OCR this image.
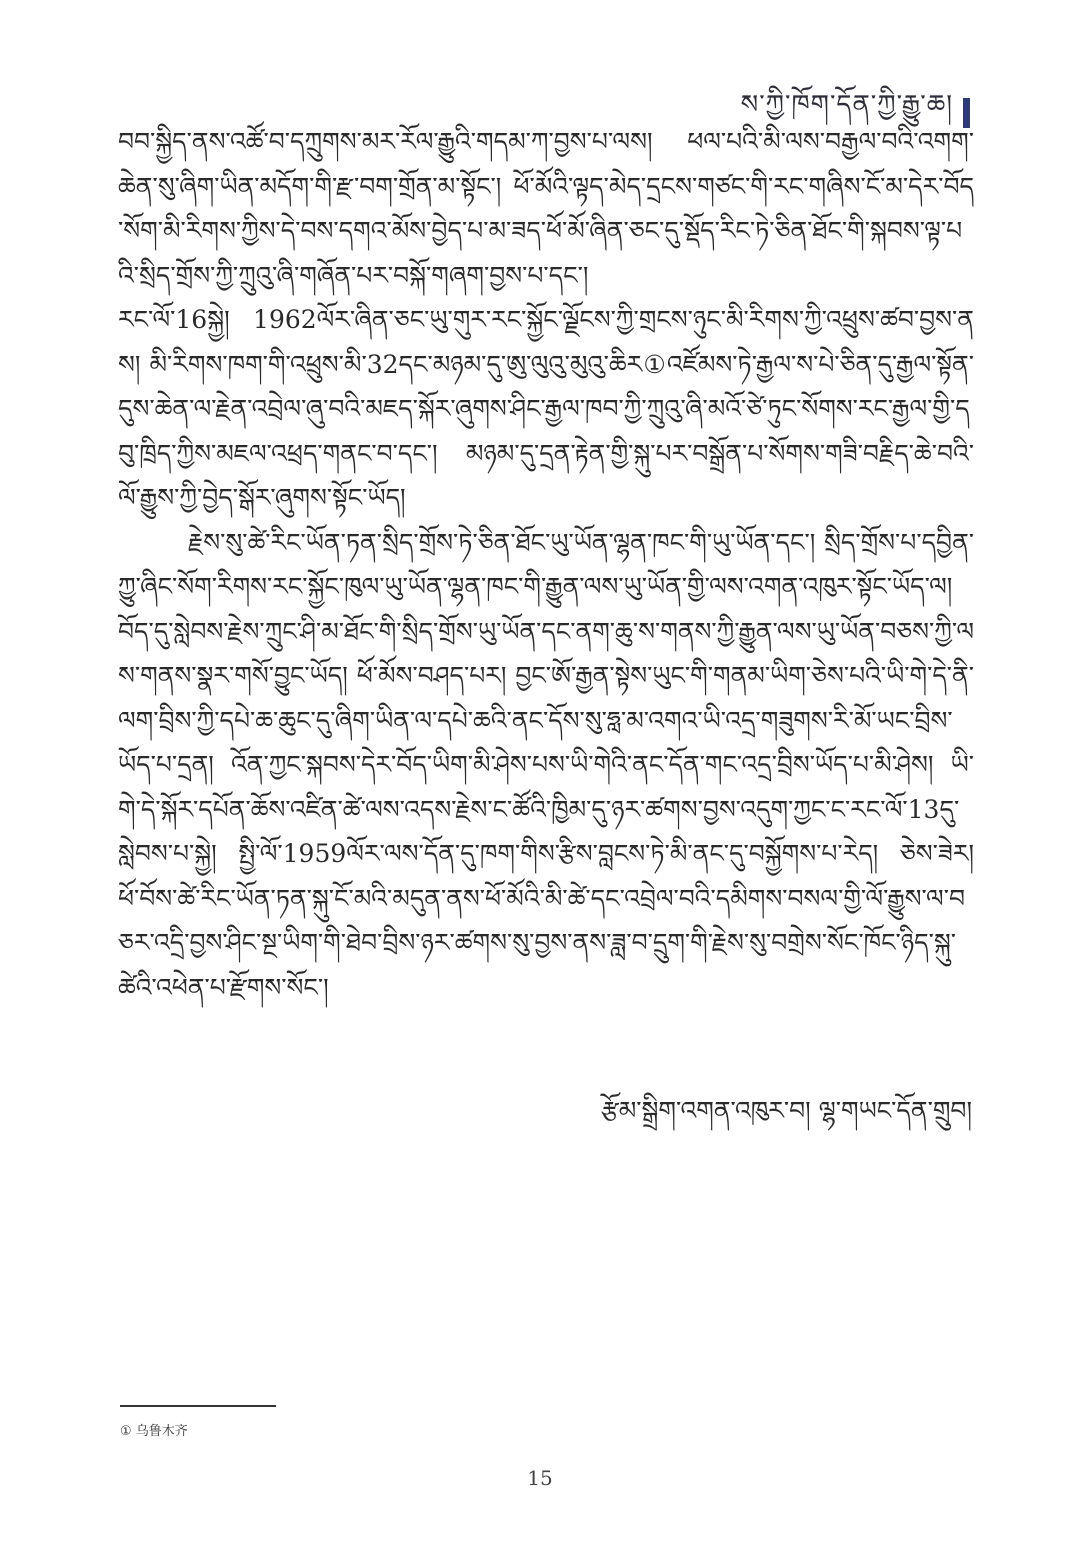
ས་ཀྱི་ཁོག་དོན་ཀྱི་རྒྱུ་ཆ།

བབ་སྐྱིད་ནས་འཚོ་བ་དཀྲུགས་མར་རོལ་རྒྱུའི་གདམ་ཀ་བྱས་པ་ལས། ཕལ་པའི་མི་ལས་བརྒྱལ་བའི་འགག་ཆེན་སུ་ཞིག་ཡིན་མདོག་གི་རྫ་བག་གྲོན་མ་སྟོང་། ཕོ་མོའི་ལྟད་མེད་དྲངས་གཙང་གི་རང་གཞིས་ངོ་མ་དེར་བོད་སོག་མི་རིགས་ཀྱིས་དེ་བས་དགའ་མོས་བྱེད་པ་མ་ཟད་ཕོ་མོ་ཞིན་ཅང་དུ་སྡོད་རིང་ཏེ་ཅིན་ཐོང་གི་སྐབས་ལྟ་པའི་སྲིད་གྲོས་ཀྱི་ཀྲུའུ་ཞི་གཞོན་པར་བསྐོ་གཞག་བྱས་པ་དང་།

རང་ལོ་16སྐྱེ། 1962ལོར་ཞིན་ཅང་ཡུ་གུར་རང་སྐྱོང་ལྗོངས་ཀྱི་གྲངས་ཉུང་མི་རིགས་ཀྱི་འཕྲུས་ཚབ་བྱས་ནས། མི་རིགས་ཁག་གི་འཕྲུས་མི་32དང་མཉམ་དུ་ཨུ་ལུའུ་མུའུ་ཆིར①འཛོམས་ཏེ་རྒྱལ་ས་པེ་ཅིན་དུ་རྒྱལ་སྟོན་དུས་ཆེན་ལ་རྗེན་འབྲེལ་ཞུ་བའི་མཇད་སྐོར་ཞུགས་ཤིང་རྒྱལ་ཁབ་ཀྱི་ཀྲུའུ་ཞི་མའོ་ཙེ་ཏུང་སོགས་རང་རྒྱལ་གྱི་དབུ་ཁྲིད་ཀྱིས་མཇལ་འཕྲད་གནང་བ་དང་། མཉམ་དུ་དྲན་རྟེན་གྱི་སྐུ་པར་བསྒྲོན་པ་སོགས་གཟི་བརྗིད་ཆེ་བའི་ལོ་རྒྱུས་ཀྱི་བྱེད་སྒོར་ཞུགས་སྟོང་ཡོད།

རྗེས་སུ་ཚེ་རིང་ཡོན་ཏན་སྲིད་གྲོས་ཏེ་ཅིན་ཐོང་ཡུ་ཡོན་ལྷན་ཁང་གི་ཡུ་ཡོན་དང་། སྲིད་གྲོས་པ་དབྱིན་ཀྱུ་ཞིང་སོག་རིགས་རང་སྐྱོང་ཁུལ་ཡུ་ཡོན་ལྷན་ཁང་གི་རྒྱུན་ལས་ཡུ་ཡོན་གྱི་ལས་འགན་འཁུར་སྟོང་ཡོད་ལ། བོད་དུ་སླེབས་རྗེས་ཀྲུང་ཤི་མ་ཐོང་གི་སྲིད་གྲོས་ཡུ་ཡོན་དང་ནག་ཆུ་ས་གནས་ཀྱི་རྒྱུན་ལས་ཡུ་ཡོན་བཅས་ཀྱི་ལས་གནས་སྣར་གསོ་བྱུང་ཡོད། ཕོ་མོས་བཤད་པར། བྱང་ཨོ་རྒྱན་སྟེས་ཡུང་གི་གནམ་ཡིག་ཅེས་པའི་ཡི་གེ་དེ་ནི་ལག་བྲིས་ཀྱི་དཔེ་ཆ་ཆུང་དུ་ཞིག་ཡིན་ལ་དཔེ་ཆའི་ནང་དོས་སུ་ཧླ་མ་འགའ་ཡི་འདྲ་གཟུགས་རི་མོ་ཡང་བྲིས་ཡོད་པ་དྲན། འོན་ཀྱང་སྐབས་དེར་བོད་ཡིག་མི་ཤེས་པས་ཡི་གེའི་ནང་དོན་གང་འདྲ་བྲིས་ཡོད་པ་མི་ཤེས། ཡི་གེ་དེ་སྐོར་དཔོན་ཆོས་འཛིན་ཚེ་ལས་འདས་རྗེས་ང་ཚོའི་ཁྱིམ་དུ་ཉར་ཚགས་བྱས་འདུག་ཀྱང་ང་རང་ལོ་13དུ་སླེབས་པ་སྐྱེ། སྤྱི་ལོ་1959ལོར་ལས་དོན་དུ་ཁག་གིས་རྩིས་བླངས་ཏེ་མི་ནང་དུ་བསྐྱོགས་པ་རེད། ཅེས་ཟེར། ཕོ་བོས་ཚེ་རིང་ཡོན་ཏན་སྐུ་ངོ་མའི་མདུན་ནས་ཕོ་མོའི་མི་ཚེ་དང་འབྲེལ་བའི་དམིགས་བསལ་གྱི་ལོ་རྒྱུས་ལ་བཅར་འདྲི་བྱས་ཤིང་སྔ་ཡིག་གི་ཐེབ་བྲིས་ཉར་ཚགས་སུ་བྱས་ནས་ཟླ་བ་དྲུག་གི་རྗེས་སུ་བགྲེས་སོང་ཁོང་ཉིད་སྐུ་ཚེའི་འཕེན་པ་རྫོགས་སོང་།

རྩོམ་སྒྲིག་འགན་འཁུར་བ། ལྷ་གཡང་དོན་གྲུབ།
① 乌鲁木齐
15
